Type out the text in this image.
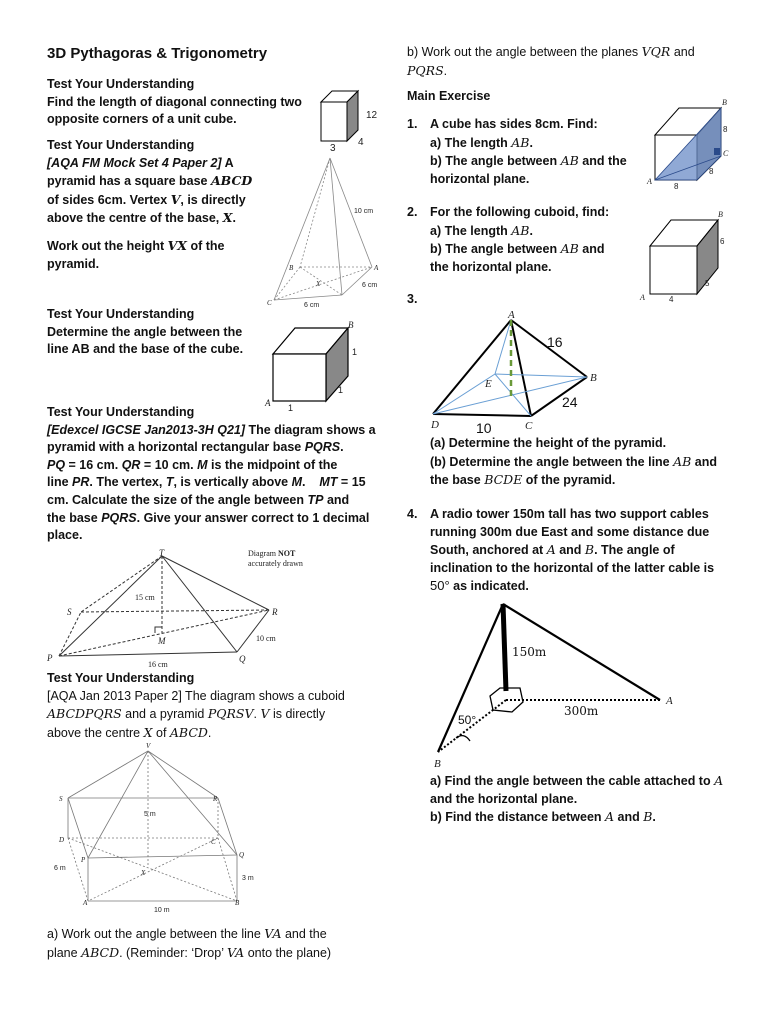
3D Pythagoras & Trigonometry
Test Your Understanding
Find the length of diagonal connecting two
opposite corners of a unit cube.	12
3
4
Test Your Understanding
[AQA FM Mock Set 4 Paper 2] A
pyramid has a square base ABCD
of sides 6cm. Vertex V, is directly
above the centre of the base, X.
Work out the height VX of the
pyramid.
10 cm
6 cm
6 cm
A
B
C
X
Test Your Understanding
Determine the angle between the
line AB and the base of the cube.
B
A
1
1
1
Test Your Understanding
[Edexcel IGCSE Jan2013-3H Q21] The diagram shows a
pyramid with a horizontal rectangular base PQRS.
PQ = 16 cm. QR = 10 cm. M is the midpoint of the
line PR. The vertex, T, is vertically above M.    MT = 15
cm. Calculate the size of the angle between TP and
the base PQRS. Give your answer correct to 1 decimal
place.
T
S	R
P	Q
M
15 cm
10 cm
16 cm
Diagram NOT
accurately drawn
Test Your Understanding
[AQA Jan 2013 Paper 2] The diagram shows a cuboid
ABCDPQRS and a pyramid PQRSV. V is directly
above the centre X of ABCD.
V
S	R
D	C
P
Q
A	B
X
5 m
6 m
3 m
10 m
a) Work out the angle between the line VA and the
plane ABCD. (Reminder: ‘Drop’ VA onto the plane)
b) Work out the angle between the planes VQR and
PQRS.
Main Exercise
1. A cube has sides 8cm. Find:
a) The length AB.
b) The angle between AB and the
horizontal plane.
B
A
C
8
8
8
2. For the following cuboid, find:
a) The length AB.
b) The angle between AB and
the horizontal plane.
B
A
6
5
4
3.
A
B
C
D
E
16
24
10
(a) Determine the height of the pyramid.
(b) Determine the angle between the line AB and
the base BCDE of the pyramid.
4. A radio tower 150m tall has two support cables
running 300m due East and some distance due
South, anchored at A and B. The angle of
inclination to the horizontal of the latter cable is
50° as indicated.
150m
300m
50°
A
B
a) Find the angle between the cable attached to A
and the horizontal plane.
b) Find the distance between A and B.
